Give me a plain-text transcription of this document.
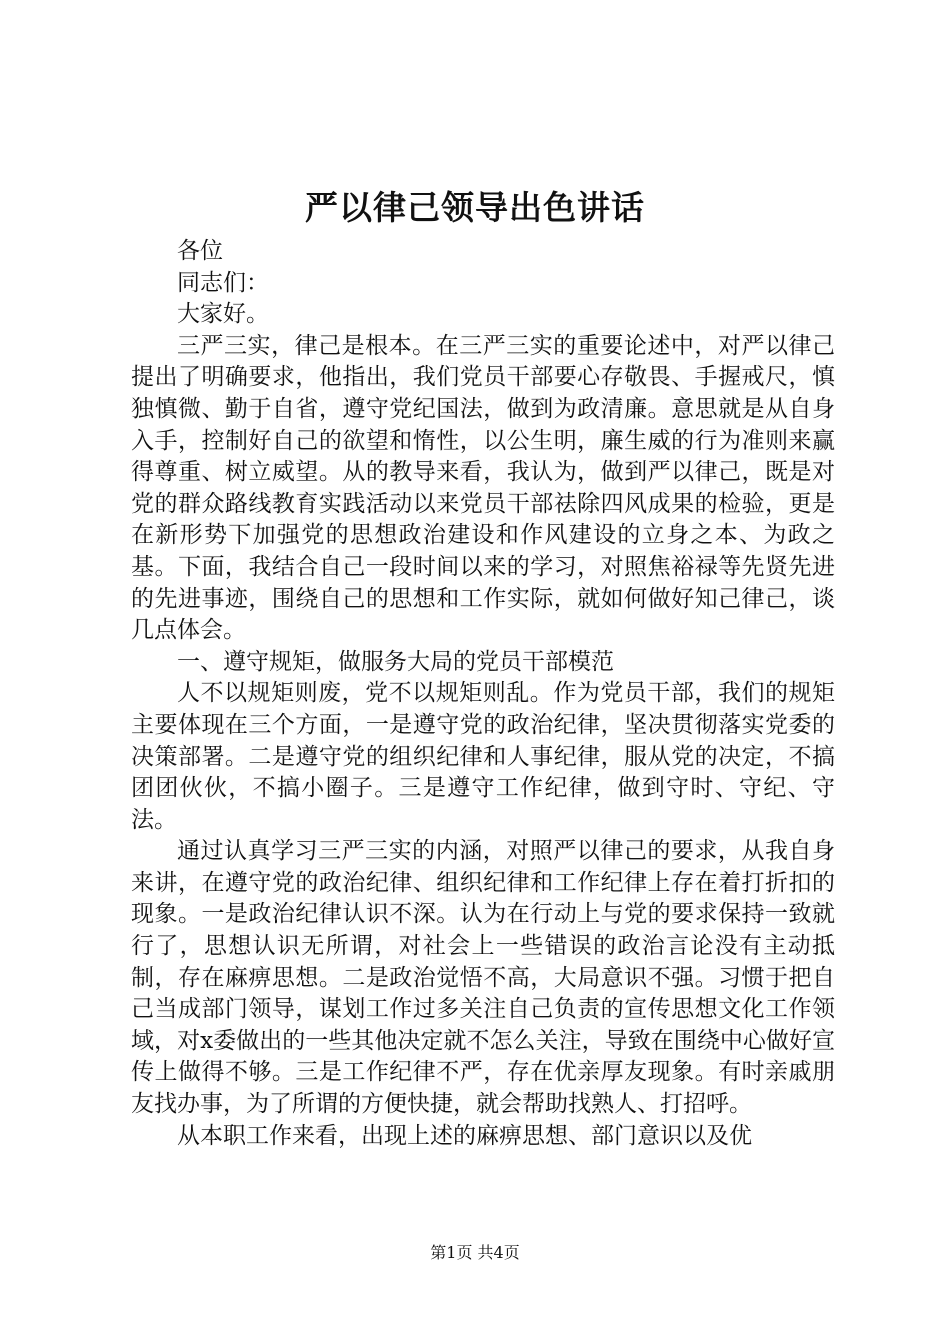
严以律己领导出色讲话

各位

同志们：

大家好。

三严三实，律己是根本。在三严三实的重要论述中，对严以律己提出了明确要求，他指出，我们党员干部要心存敬畏、手握戒尺，慎独慎微、勤于自省，遵守党纪国法，做到为政清廉。意思就是从自身入手，控制好自己的欲望和惰性，以公生明，廉生威的行为准则来赢得尊重、树立威望。从的教导来看，我认为，做到严以律己，既是对党的群众路线教育实践活动以来党员干部祛除四风成果的检验，更是在新形势下加强党的思想政治建设和作风建设的立身之本、为政之基。下面，我结合自己一段时间以来的学习，对照焦裕禄等先贤先进的先进事迹，围绕自己的思想和工作实际，就如何做好知己律己，谈几点体会。

一、遵守规矩，做服务大局的党员干部模范

人不以规矩则废，党不以规矩则乱。作为党员干部，我们的规矩主要体现在三个方面，一是遵守党的政治纪律，坚决贯彻落实党委的决策部署。二是遵守党的组织纪律和人事纪律，服从党的决定，不搞团团伙伙，不搞小圈子。三是遵守工作纪律，做到守时、守纪、守法。

通过认真学习三严三实的内涵，对照严以律己的要求，从我自身来讲，在遵守党的政治纪律、组织纪律和工作纪律上存在着打折扣的现象。一是政治纪律认识不深。认为在行动上与党的要求保持一致就行了，思想认识无所谓，对社会上一些错误的政治言论没有主动抵制，存在麻痹思想。二是政治觉悟不高，大局意识不强。习惯于把自己当成部门领导，谋划工作过多关注自己负责的宣传思想文化工作领域，对x委做出的一些其他决定就不怎么关注，导致在围绕中心做好宣传上做得不够。三是工作纪律不严，存在优亲厚友现象。有时亲戚朋友找办事，为了所谓的方便快捷，就会帮助找熟人、打招呼。

从本职工作来看，出现上述的麻痹思想、部门意识以及优

第1页 共4页
